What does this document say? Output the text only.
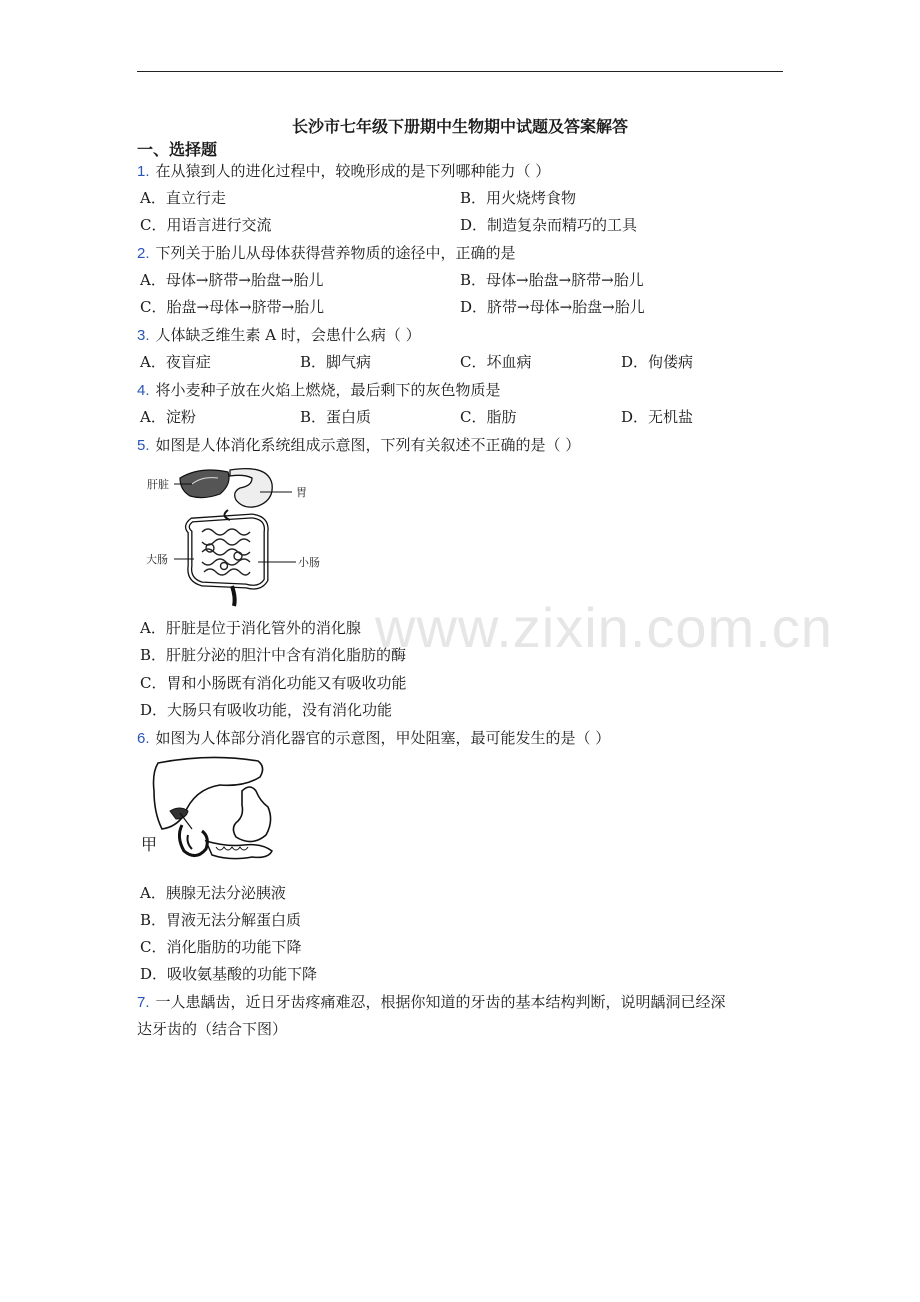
长沙市七年级下册期中生物期中试题及答案解答
一、选择题
www.zixin.com.cn
1. 在从猿到人的进化过程中，较晚形成的是下列哪种能力（ ）
A．直立行走	B．用火烧烤食物
C．用语言进行交流	D．制造复杂而精巧的工具
2. 下列关于胎儿从母体获得营养物质的途径中，正确的是
A．母体→脐带→胎盘→胎儿	B．母体→胎盘→脐带→胎儿
C．胎盘→母体→脐带→胎儿	D．脐带→母体→胎盘→胎儿
3. 人体缺乏维生素 A 时，会患什么病（ ）
A．夜盲症	B．脚气病	C．坏血病	D．佝偻病
4. 将小麦种子放在火焰上燃烧，最后剩下的灰色物质是
A．淀粉	B．蛋白质	C．脂肪	D．无机盐
5. 如图是人体消化系统组成示意图，下列有关叙述不正确的是（ ）
肝脏
胃
大肠	小肠
A．肝脏是位于消化管外的消化腺
B．肝脏分泌的胆汁中含有消化脂肪的酶
C．胃和小肠既有消化功能又有吸收功能
D．大肠只有吸收功能，没有消化功能
6. 如图为人体部分消化器官的示意图，甲处阻塞，最可能发生的是（ ）
甲
A．胰腺无法分泌胰液
B．胃液无法分解蛋白质
C．消化脂肪的功能下降
D．吸收氨基酸的功能下降
7. 一人患龋齿，近日牙齿疼痛难忍，根据你知道的牙齿的基本结构判断，说明龋洞已经深
达牙齿的（结合下图）
